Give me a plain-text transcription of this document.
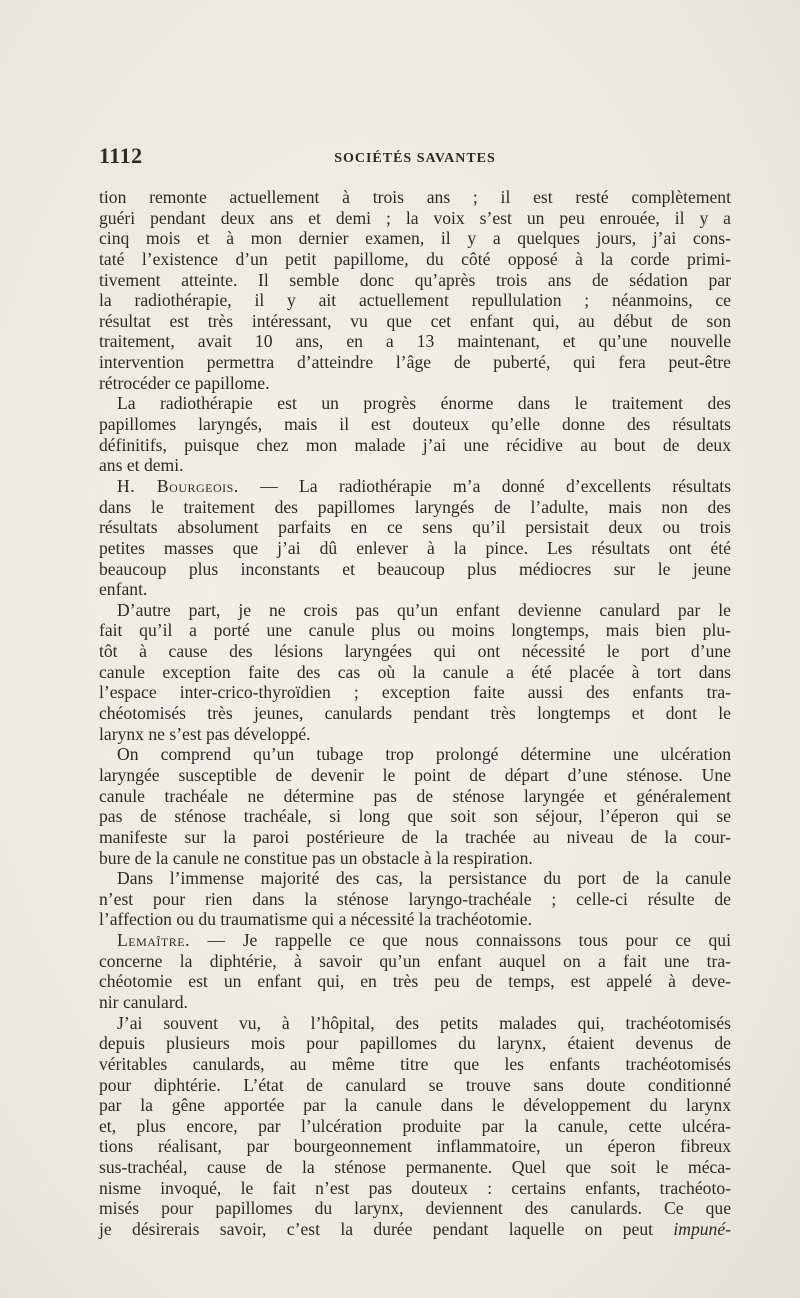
1112	SOCIÉTÉS SAVANTES
tion remonte actuellement à trois ans ; il est resté complètement
guéri pendant deux ans et demi ; la voix s’est un peu enrouée, il y a
cinq mois et à mon dernier examen, il y a quelques jours, j’ai cons-
taté l’existence d’un petit papillome, du côté opposé à la corde primi-
tivement atteinte. Il semble donc qu’après trois ans de sédation par
la radiothérapie, il y ait actuellement repullulation ; néanmoins, ce
résultat est très intéressant, vu que cet enfant qui, au début de son
traitement, avait 10 ans, en a 13 maintenant, et qu’une nouvelle
intervention permettra d’atteindre l’âge de puberté, qui fera peut-être
rétrocéder ce papillome.
La radiothérapie est un progrès énorme dans le traitement des
papillomes laryngés, mais il est douteux qu’elle donne des résultats
définitifs, puisque chez mon malade j’ai une récidive au bout de deux
ans et demi.
H. Bourgeois. — La radiothérapie m’a donné d’excellents résultats
dans le traitement des papillomes laryngés de l’adulte, mais non des
résultats absolument parfaits en ce sens qu’il persistait deux ou trois
petites masses que j’ai dû enlever à la pince. Les résultats ont été
beaucoup plus inconstants et beaucoup plus médiocres sur le jeune
enfant.
D’autre part, je ne crois pas qu’un enfant devienne canulard par le
fait qu’il a porté une canule plus ou moins longtemps, mais bien plu-
tôt à cause des lésions laryngées qui ont nécessité le port d’une
canule exception faite des cas où la canule a été placée à tort dans
l’espace inter-crico-thyroïdien ; exception faite aussi des enfants tra-
chéotomisés très jeunes, canulards pendant très longtemps et dont le
larynx ne s’est pas développé.
On comprend qu’un tubage trop prolongé détermine une ulcération
laryngée susceptible de devenir le point de départ d’une sténose. Une
canule trachéale ne détermine pas de sténose laryngée et généralement
pas de sténose trachéale, si long que soit son séjour, l’éperon qui se
manifeste sur la paroi postérieure de la trachée au niveau de la cour-
bure de la canule ne constitue pas un obstacle à la respiration.
Dans l’immense majorité des cas, la persistance du port de la canule
n’est pour rien dans la sténose laryngo-trachéale ; celle-ci résulte de
l’affection ou du traumatisme qui a nécessité la trachéotomie.
Lemaître. — Je rappelle ce que nous connaissons tous pour ce qui
concerne la diphtérie, à savoir qu’un enfant auquel on a fait une tra-
chéotomie est un enfant qui, en très peu de temps, est appelé à deve-
nir canulard.
J’ai souvent vu, à l’hôpital, des petits malades qui, trachéotomisés
depuis plusieurs mois pour papillomes du larynx, étaient devenus de
véritables canulards, au même titre que les enfants trachéotomisés
pour diphtérie. L’état de canulard se trouve sans doute conditionné
par la gêne apportée par la canule dans le développement du larynx
et, plus encore, par l’ulcération produite par la canule, cette ulcéra-
tions réalisant, par bourgeonnement inflammatoire, un éperon fibreux
sus-trachéal, cause de la sténose permanente. Quel que soit le méca-
nisme invoqué, le fait n’est pas douteux : certains enfants, trachéoto-
misés pour papillomes du larynx, deviennent des canulards. Ce que
je désirerais savoir, c’est la durée pendant laquelle on peut impuné-
